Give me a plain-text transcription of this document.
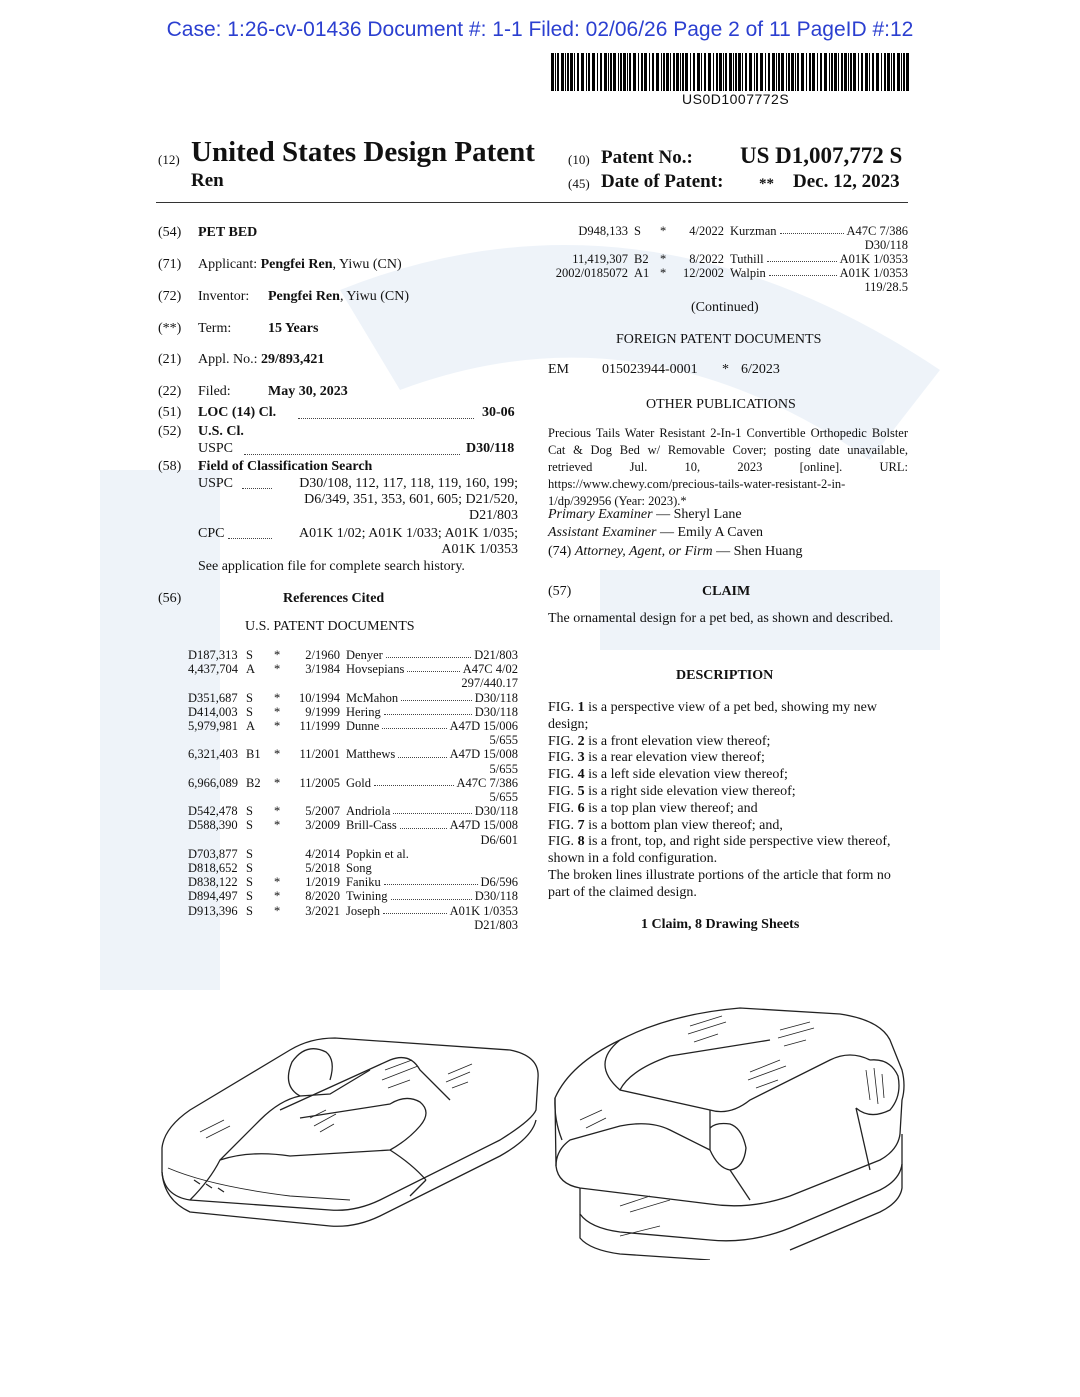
Case: 1:26-cv-01436 Document #: 1-1 Filed: 02/06/26 Page 2 of 11 PageID #:12
US0D1007772S
(12) United States Design Patent
Ren
(10) Patent No.: US D1,007,772 S
(45) Date of Patent: ** Dec. 12, 2023
(54) PET BED
(71) Applicant: Pengfei Ren, Yiwu (CN)
(72) Inventor: Pengfei Ren, Yiwu (CN)
(**) Term:	15 Years
(21) Appl. No.: 29/893,421
(22) Filed:	May 30, 2023
(51) LOC (14) Cl.	30-06
(52) U.S. Cl.
USPC	D30/118
(58) Field of Classification Search
USPC	D30/108, 112, 117, 118, 119, 160, 199;
D6/349, 351, 353, 601, 605; D21/520,
D21/803
CPC	A01K 1/02; A01K 1/033; A01K 1/035;
A01K 1/0353
See application file for complete search history.
(56)	References Cited
U.S. PATENT DOCUMENTS
D187,313 S	*	2/1960 Denyer	D21/803
4,437,704 A	*	3/1984 Hovsepians	A47C 4/02
297/440.17
D351,687 S	*	10/1994 McMahon	D30/118
D414,003 S	*	9/1999 Hering	D30/118
5,979,981 A	*	11/1999 Dunne	A47D 15/006
5/655
6,321,403 B1	*	11/2001 Matthews	A47D 15/008
5/655
6,966,089 B2	*	11/2005 Gold	A47C 7/386
5/655
D542,478 S	*	5/2007 Andriola	D30/118
D588,390 S	*	3/2009 Brill-Cass	A47D 15/008
D6/601
D703,877 S	4/2014 Popkin et al.
D818,652 S	5/2018 Song
D838,122 S	*	1/2019 Faniku	D6/596
D894,497 S	*	8/2020 Twining	D30/118
D913,396 S	*	3/2021 Joseph	A01K 1/0353
D21/803
D948,133 S	*	4/2022 Kurzman	A47C 7/386
D30/118
11,419,307 B2 *	8/2022 Tuthill	A01K 1/0353
2002/0185072 A1 *	12/2002 Walpin	A01K 1/0353
119/28.5
(Continued)
FOREIGN PATENT DOCUMENTS
EM 015023944-0001 * 6/2023
OTHER PUBLICATIONS
Precious Tails Water Resistant 2-In-1 Convertible Orthopedic Bolster Cat & Dog Bed w/ Removable Cover; posting date unavailable, retrieved Jul. 10, 2023 [online]. URL: https://www.chewy.com/precious-tails-water-resistant-2-in-1/dp/392956 (Year: 2023).*
Primary Examiner — Sheryl Lane
Assistant Examiner — Emily A Caven
(74) Attorney, Agent, or Firm — Shen Huang
(57)	CLAIM
The ornamental design for a pet bed, as shown and described.
DESCRIPTION
FIG. 1 is a perspective view of a pet bed, showing my new design;
FIG. 2 is a front elevation view thereof;
FIG. 3 is a rear elevation view thereof;
FIG. 4 is a left side elevation view thereof;
FIG. 5 is a right side elevation view thereof;
FIG. 6 is a top plan view thereof; and
FIG. 7 is a bottom plan view thereof; and,
FIG. 8 is a front, top, and right side perspective view thereof, shown in a fold configuration.
The broken lines illustrate portions of the article that form no part of the claimed design.
1 Claim, 8 Drawing Sheets
